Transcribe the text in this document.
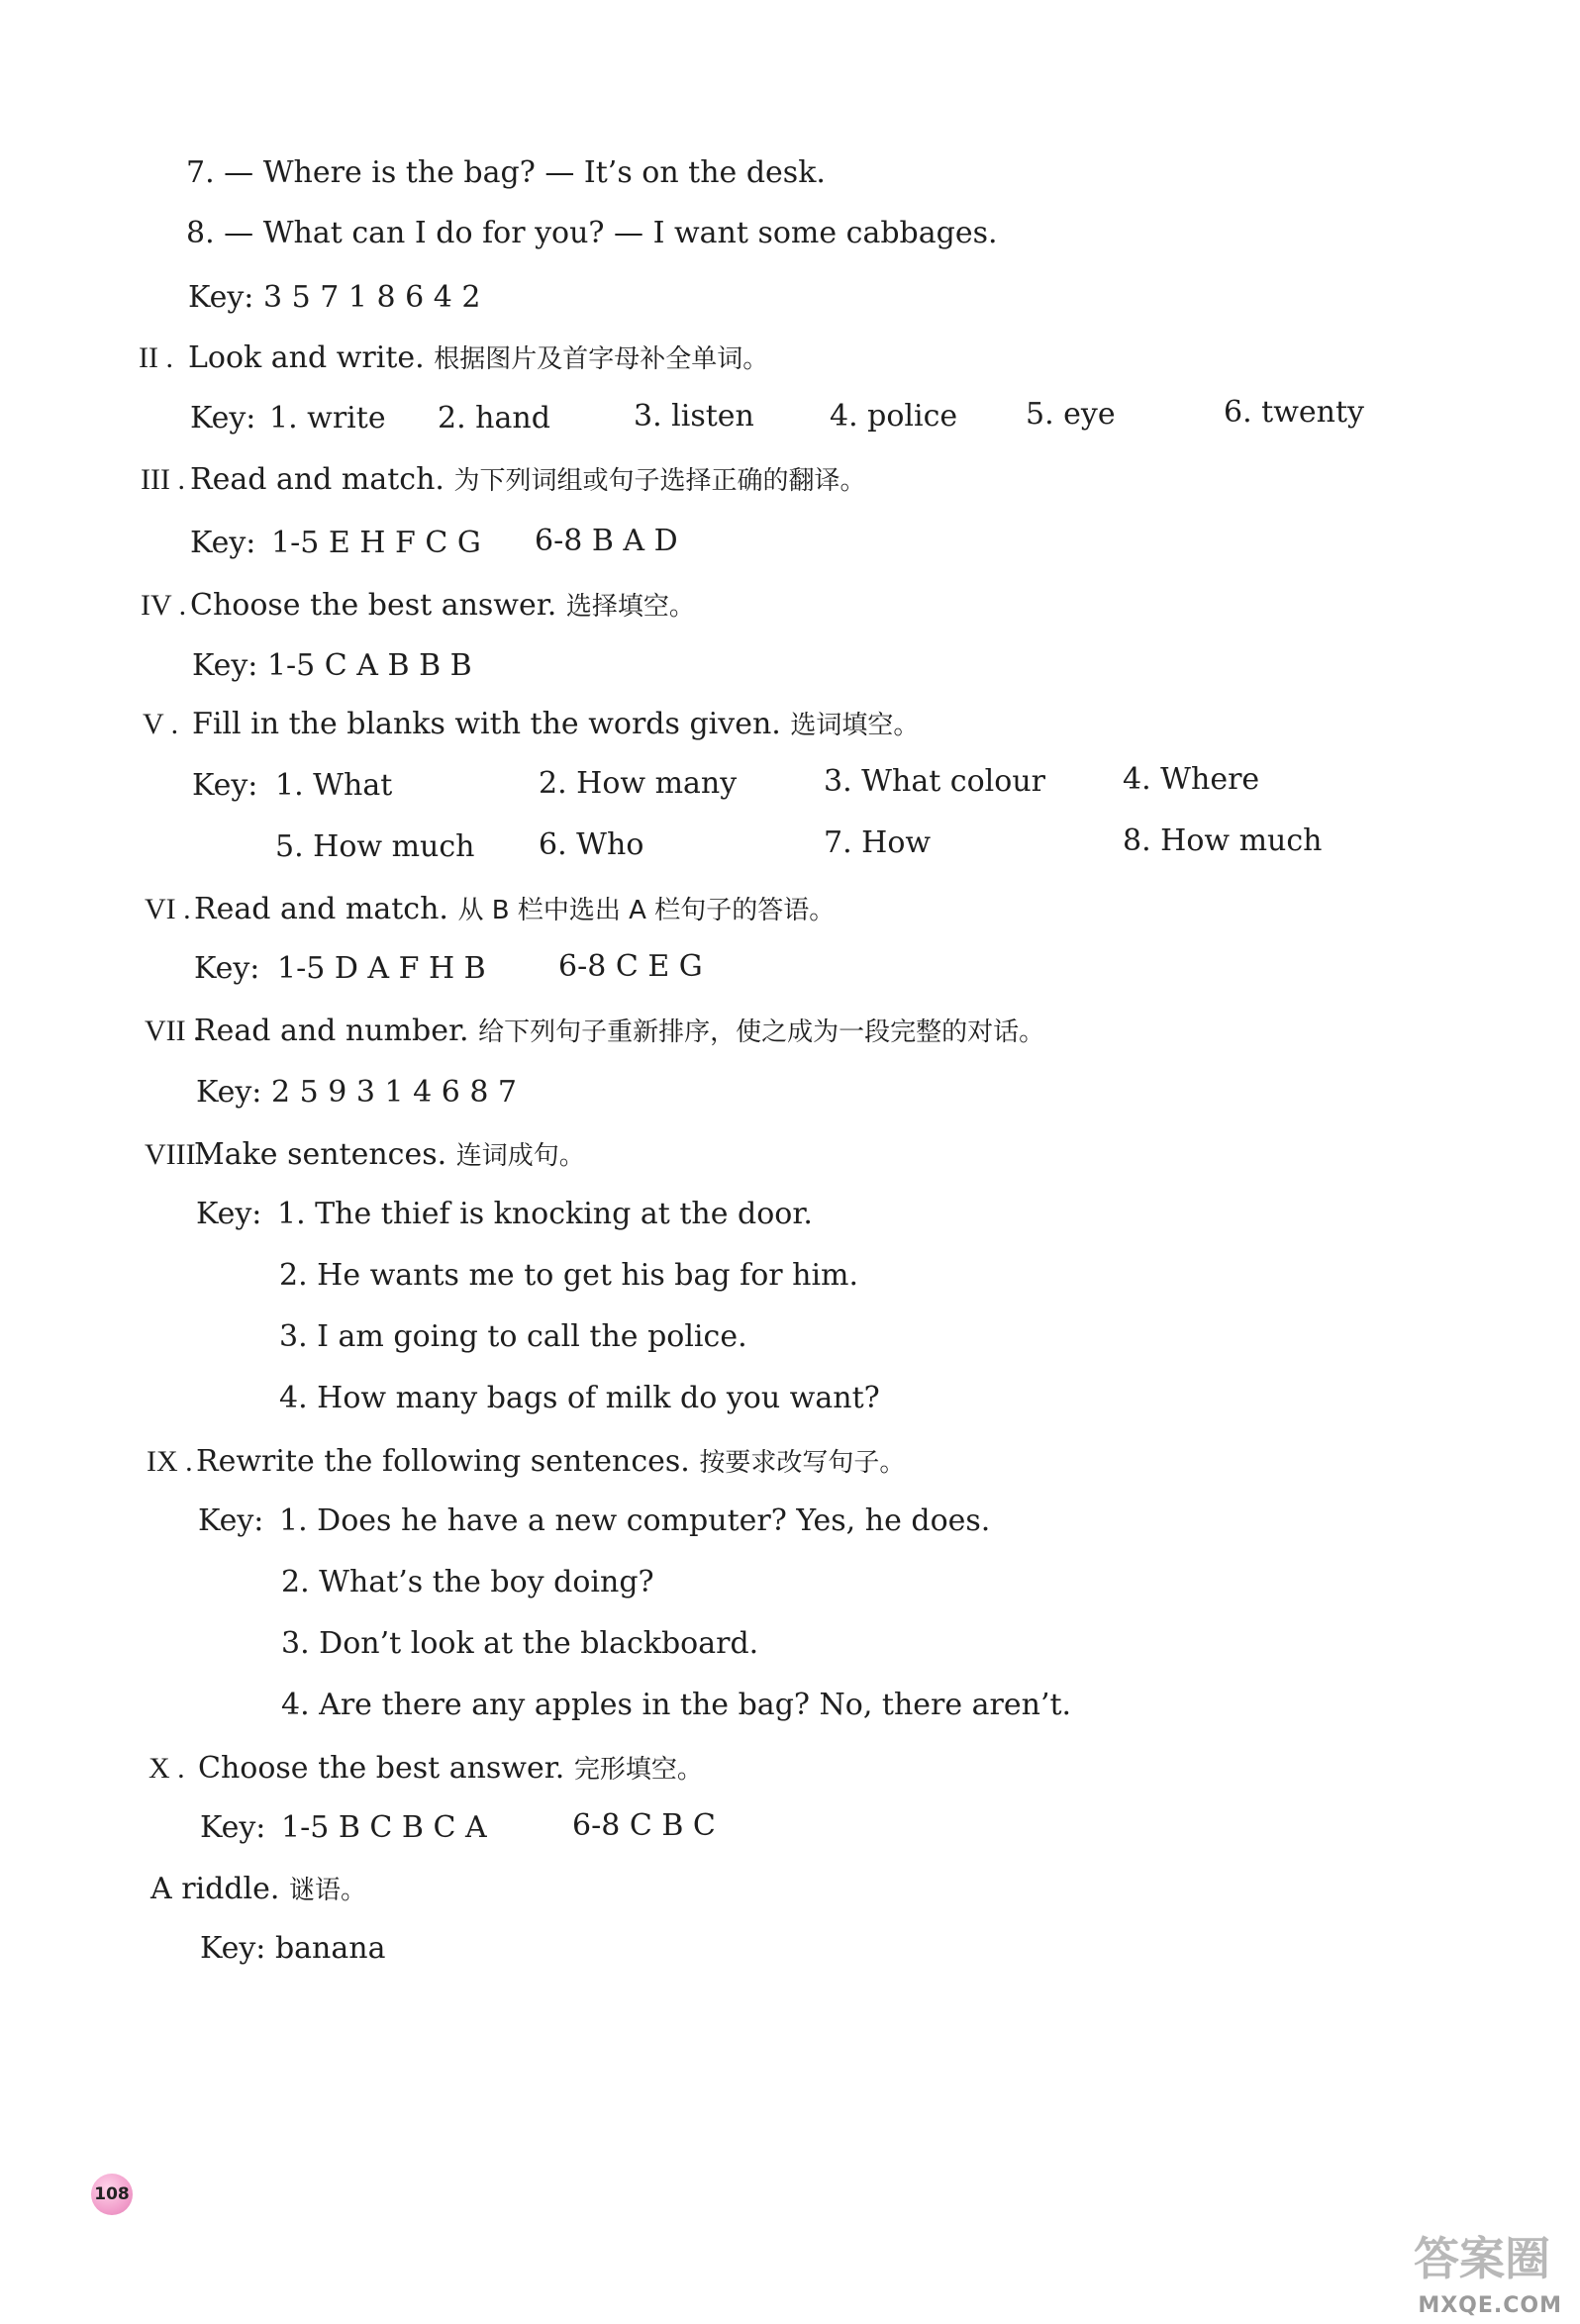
7. — Where is the bag? — It’s on the desk.
8. — What can I do for you? — I want some cabbages.
Key: 3 5 7 1 8 6 4 2
II . Look and write. 根据图片及首字母补全单词。
Key: 1. write 2. hand	3. listen	4. police 5. eye	6. twenty
III . Read and match. 为下列词组或句子选择正确的翻译。
Key: 1-5 E H F C G 6-8 B A D
IV . Choose the best answer. 选择填空。
Key: 1-5 C A B B B
V . Fill in the blanks with the words given. 选词填空。
Key: 1. What	2. How many	3. What colour	4. Where
5. How much 6. Who	7. How	8. How much
VI . Read and match. 从 B 栏中选出 A 栏句子的答语。
Key: 1-5 D A F H B 6-8 C E G
VII .Read and number. 给下列句子重新排序，使之成为一段完整的对话。
Key: 2 5 9 3 1 4 6 8 7
VIII .Make sentences. 连词成句。
Key: 1. The thief is knocking at the door.
2. He wants me to get his bag for him.
3. I am going to call the police.
4. How many bags of milk do you want?
IX . Rewrite the following sentences. 按要求改写句子。
Key: 1. Does he have a new computer? Yes, he does.
2. What’s the boy doing?
3. Don’t look at the blackboard.
4. Are there any apples in the bag? No, there aren’t.
X . Choose the best answer. 完形填空。
Key: 1-5 B C B C A	6-8 C B C
A riddle. 谜语。
Key: banana
108
答案圈
MXQE.COM
